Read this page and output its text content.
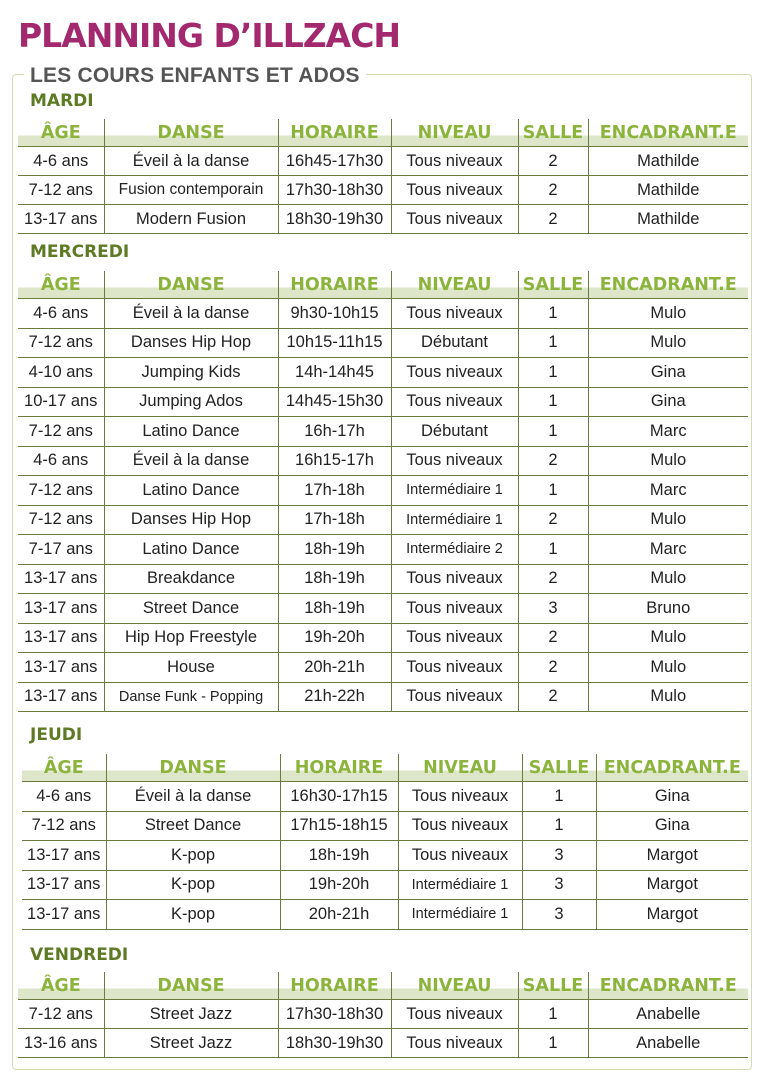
PLANNING D’ILLZACH
LES COURS ENFANTS ET ADOS
MARDI
ÂGE	DANSE	HORAIRE	NIVEAU	SALLE	ENCADRANT.E
4-6 ans	Éveil à la danse	16h45-17h30	Tous niveaux	2	Mathilde
7-12 ans	Fusion contemporain	17h30-18h30	Tous niveaux	2	Mathilde
13-17 ans	Modern Fusion	18h30-19h30	Tous niveaux	2	Mathilde
MERCREDI
ÂGE	DANSE	HORAIRE	NIVEAU	SALLE	ENCADRANT.E
4-6 ans	Éveil à la danse	9h30-10h15	Tous niveaux	1	Mulo
7-12 ans	Danses Hip Hop	10h15-11h15	Débutant	1	Mulo
4-10 ans	Jumping Kids	14h-14h45	Tous niveaux	1	Gina
10-17 ans	Jumping Ados	14h45-15h30	Tous niveaux	1	Gina
7-12 ans	Latino Dance	16h-17h	Débutant	1	Marc
4-6 ans	Éveil à la danse	16h15-17h	Tous niveaux	2	Mulo
7-12 ans	Latino Dance	17h-18h	Intermédiaire 1	1	Marc
7-12 ans	Danses Hip Hop	17h-18h	Intermédiaire 1	2	Mulo
7-17 ans	Latino Dance	18h-19h	Intermédiaire 2	1	Marc
13-17 ans	Breakdance	18h-19h	Tous niveaux	2	Mulo
13-17 ans	Street Dance	18h-19h	Tous niveaux	3	Bruno
13-17 ans	Hip Hop Freestyle	19h-20h	Tous niveaux	2	Mulo
13-17 ans	House	20h-21h	Tous niveaux	2	Mulo
13-17 ans	Danse Funk - Popping	21h-22h	Tous niveaux	2	Mulo
JEUDI
ÂGE	DANSE	HORAIRE	NIVEAU	SALLE	ENCADRANT.E
4-6 ans	Éveil à la danse	16h30-17h15	Tous niveaux	1	Gina
7-12 ans	Street Dance	17h15-18h15	Tous niveaux	1	Gina
13-17 ans	K-pop	18h-19h	Tous niveaux	3	Margot
13-17 ans	K-pop	19h-20h	Intermédiaire 1	3	Margot
13-17 ans	K-pop	20h-21h	Intermédiaire 1	3	Margot
VENDREDI
ÂGE	DANSE	HORAIRE	NIVEAU	SALLE	ENCADRANT.E
7-12 ans	Street Jazz	17h30-18h30	Tous niveaux	1	Anabelle
13-16 ans	Street Jazz	18h30-19h30	Tous niveaux	1	Anabelle
